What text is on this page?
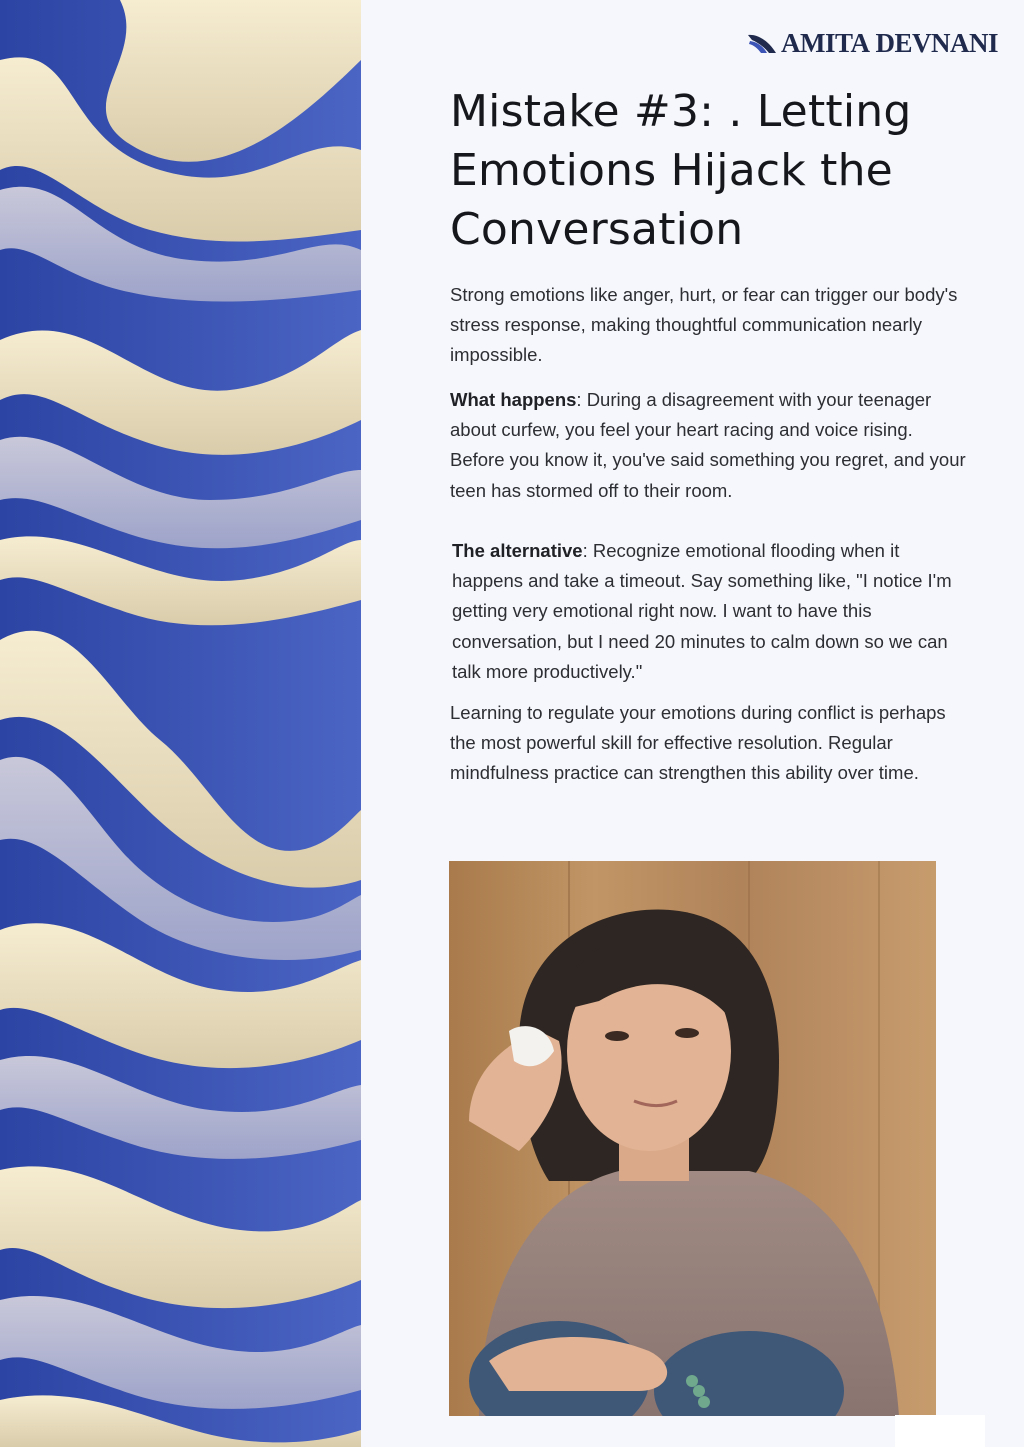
AMITA DEVNANI
Mistake #3: . Letting Emotions Hijack the Conversation

Strong emotions like anger, hurt, or fear can trigger our body's stress response, making thoughtful communication nearly impossible.

What happens: During a disagreement with your teenager about curfew, you feel your heart racing and voice rising. Before you know it, you've said something you regret, and your teen has stormed off to their room.

The alternative: Recognize emotional flooding when it happens and take a timeout. Say something like, "I notice I'm getting very emotional right now. I want to have this conversation, but I need 20 minutes to calm down so we can talk more productively."

Learning to regulate your emotions during conflict is perhaps the most powerful skill for effective resolution. Regular mindfulness practice can strengthen this ability over time.
